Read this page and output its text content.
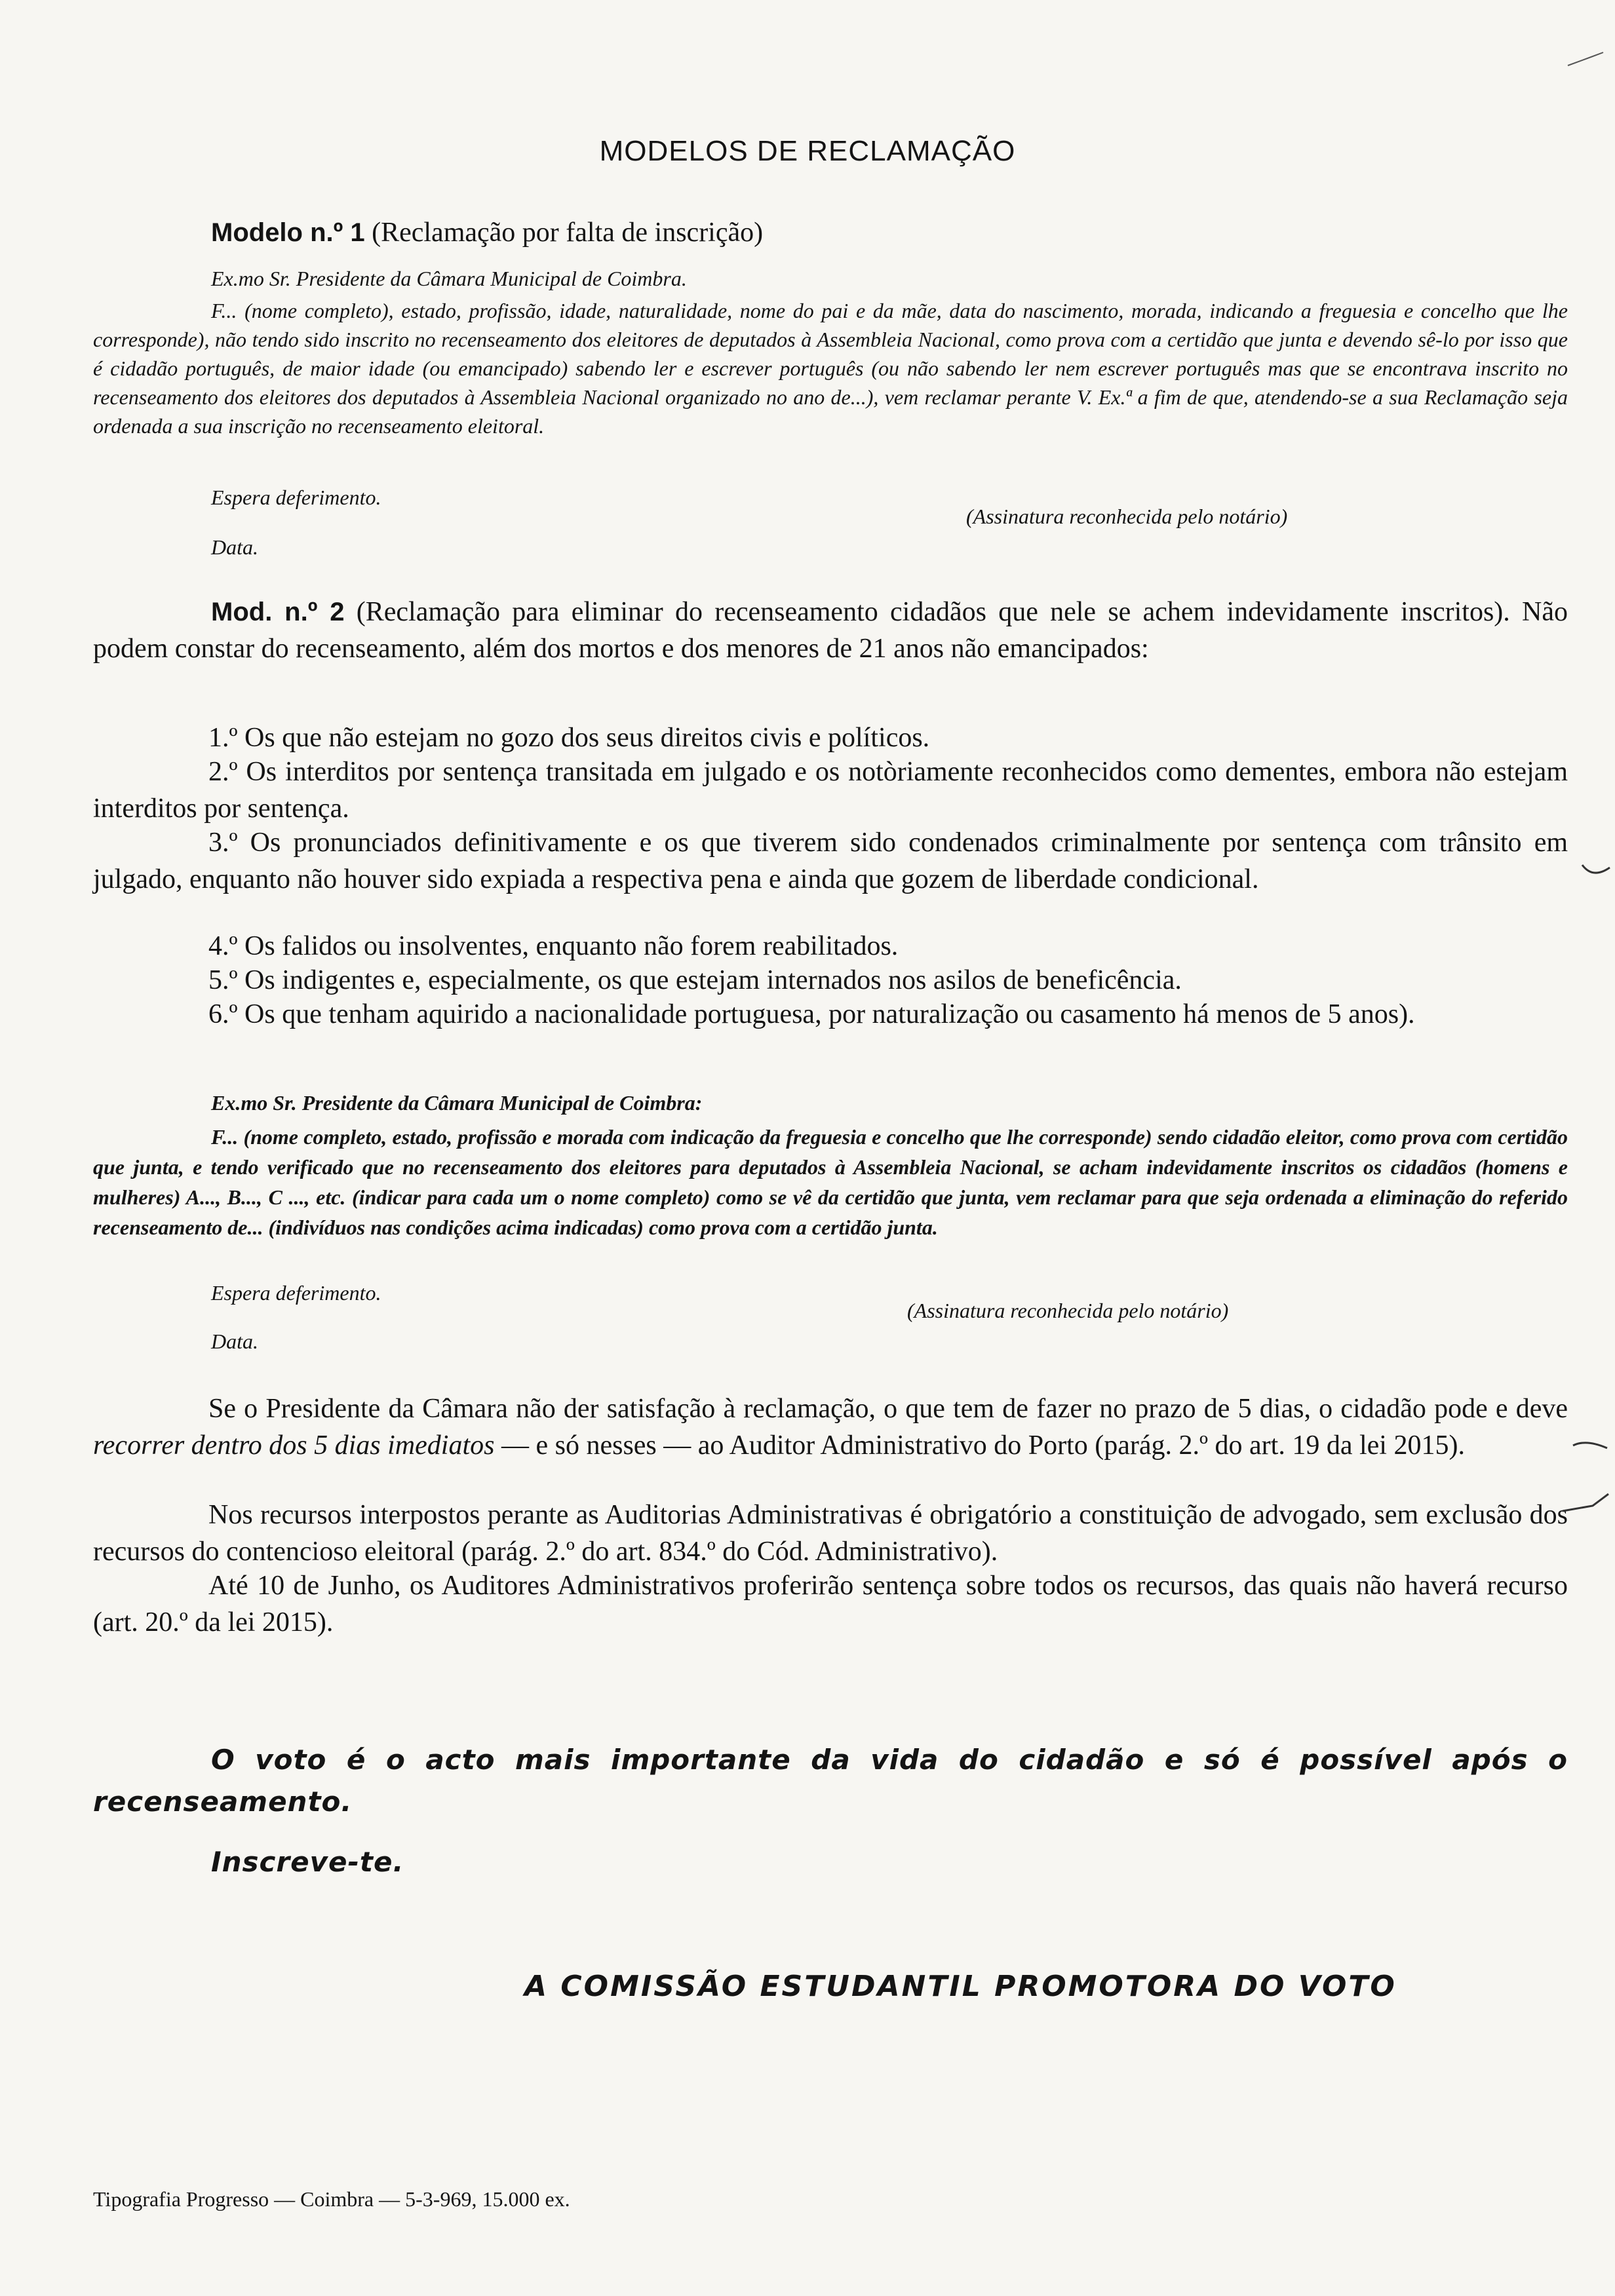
MODELOS DE RECLAMAÇÃO
Modelo n.º 1 (Reclamação por falta de inscrição)
Ex.mo Sr. Presidente da Câmara Municipal de Coimbra.
F... (nome completo), estado, profissão, idade, naturalidade, nome do pai e da mãe, data do nascimento, morada, indicando a freguesia e concelho que lhe corresponde), não tendo sido inscrito no recenseamento dos eleitores de deputados à Assembleia Nacional, como prova com a certidão que junta e devendo sê-lo por isso que é cidadão português, de maior idade (ou emancipado) sabendo ler e escrever português (ou não sabendo ler nem escrever português mas que se encontrava inscrito no recenseamento dos eleitores dos deputados à Assembleia Nacional organizado no ano de...), vem reclamar perante V. Ex.ª a fim de que, atendendo-se a sua Reclamação seja ordenada a sua inscrição no recenseamento eleitoral.
Espera deferimento.
(Assinatura reconhecida pelo notário)
Data.
Mod. n.º 2 (Reclamação para eliminar do recenseamento cidadãos que nele se achem indevidamente inscritos). Não podem constar do recenseamento, além dos mortos e dos menores de 21 anos não emancipados:
1.º Os que não estejam no gozo dos seus direitos civis e políticos.
2.º Os interditos por sentença transitada em julgado e os notòriamente reconhecidos como dementes, embora não estejam interditos por sentença.
3.º Os pronunciados definitivamente e os que tiverem sido condenados criminalmente por sentença com trânsito em julgado, enquanto não houver sido expiada a respectiva pena e ainda que gozem de liberdade condicional.
4.º Os falidos ou insolventes, enquanto não forem reabilitados.
5.º Os indigentes e, especialmente, os que estejam internados nos asilos de beneficência.
6.º Os que tenham aquirido a nacionalidade portuguesa, por naturalização ou casamento há menos de 5 anos).
Ex.mo Sr. Presidente da Câmara Municipal de Coimbra:
F... (nome completo, estado, profissão e morada com indicação da freguesia e concelho que lhe corresponde) sendo cidadão eleitor, como prova com certidão que junta, e tendo verificado que no recenseamento dos eleitores para deputados à Assembleia Nacional, se acham indevidamente inscritos os cidadãos (homens e mulheres) A..., B..., C ..., etc. (indicar para cada um o nome completo) como se vê da certidão que junta, vem reclamar para que seja ordenada a eliminação do referido recenseamento de... (indivíduos nas condições acima indicadas) como prova com a certidão junta.
Espera deferimento.
(Assinatura reconhecida pelo notário)
Data.
Se o Presidente da Câmara não der satisfação à reclamação, o que tem de fazer no prazo de 5 dias, o cidadão pode e deve recorrer dentro dos 5 dias imediatos — e só nesses — ao Auditor Administrativo do Porto (parág. 2.º do art. 19 da lei 2015).
Nos recursos interpostos perante as Auditorias Administrativas é obrigatório a constituição de advogado, sem exclusão dos recursos do contencioso eleitoral (parág. 2.º do art. 834.º do Cód. Administrativo).
Até 10 de Junho, os Auditores Administrativos proferirão sentença sobre todos os recursos, das quais não haverá recurso (art. 20.º da lei 2015).
O voto é o acto mais importante da vida do cidadão e só é possível após o recenseamento.
Inscreve-te.
A COMISSÃO ESTUDANTIL PROMOTORA DO VOTO
Tipografia Progresso — Coimbra — 5-3-969, 15.000 ex.
